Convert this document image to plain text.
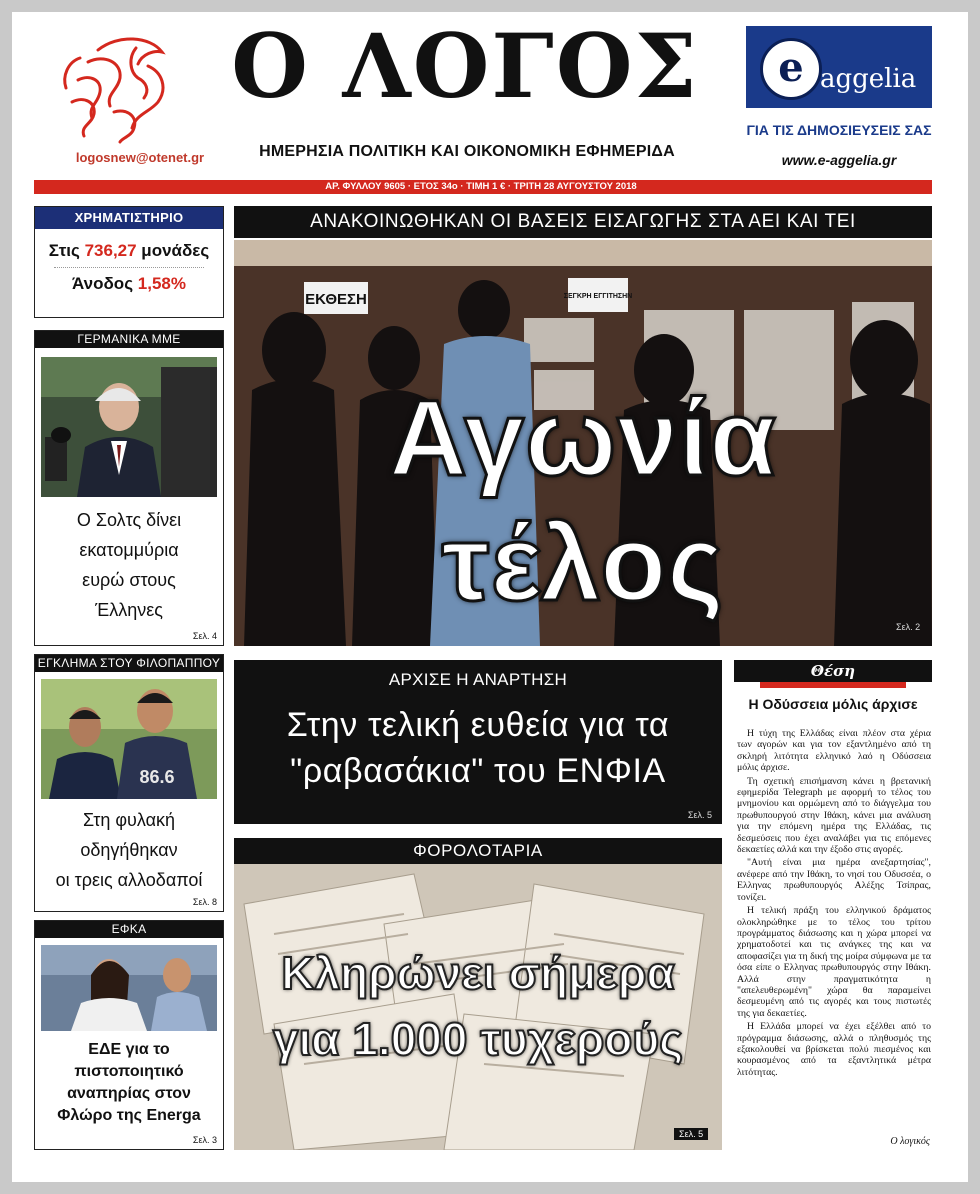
logosnew@otenet.gr
Ο ΛΟΓΟΣ
ΗΜΕΡΗΣΙΑ ΠΟΛΙΤΙΚΗ ΚΑΙ ΟΙΚΟΝΟΜΙΚΗ ΕΦΗΜΕΡΙΔΑ
e aggelia
ΓΙΑ ΤΙΣ ΔΗΜΟΣΙΕΥΣΕΙΣ ΣΑΣ
www.e-aggelia.gr
ΑΡ. ΦΥΛΛΟΥ 9605 · ΕΤΟΣ 34ο · ΤΙΜΗ 1 € · ΤΡΙΤΗ 28 ΑΥΓΟΥΣΤΟΥ 2018
ΧΡΗΜΑΤΙΣΤΗΡΙΟ
Στις 736,27 μονάδες
Άνοδος 1,58%
ΓΕΡΜΑΝΙΚΑ ΜΜΕ
Ο Σολτς δίνει
εκατομμύρια
ευρώ στους
Έλληνες
Σελ. 4
ΕΓΚΛΗΜΑ ΣΤΟΥ ΦΙΛΟΠΑΠΠΟΥ
86.6
Στη φυλακή
οδηγήθηκαν
οι τρεις αλλοδαποί
Σελ. 8
ΕΦΚΑ
ΕΔΕ για το
πιστοποιητικό
αναπηρίας στον
Φλώρο της Energa
Σελ. 3
ΑΝΑΚΟΙΝΩΘΗΚΑΝ ΟΙ ΒΑΣΕΙΣ ΕΙΣΑΓΩΓΗΣ ΣΤΑ ΑΕΙ ΚΑΙ ΤΕΙ
ΕΚΘΕΣΗ	ΣΕΓΚΡΗ ΕΓΓΙΤΗΣΗΝ
Αγωνία τέλος
Σελ. 2
ΑΡΧΙΣΕ Η ΑΝΑΡΤΗΣΗ
Στην τελική ευθεία για τα
"ραβασάκια" του ΕΝΦΙΑ
Σελ. 5
ΦΟΡΟΛΟΤΑΡΙΑ
Κληρώνει σήμερα
για 1.000 τυχερούς
Σελ. 5
Θέση
Η Οδύσσεια μόλις άρχισε

Η τύχη της Ελλάδας είναι πλέον στα χέρια των αγορών και για τον εξαντλημένο από τη σκληρή λιτότητα ελληνικό λαό η Οδύσσεια μόλις άρχισε.

Τη σχετική επισήμανση κάνει η βρετανική εφημερίδα Telegraph με αφορμή το τέλος του μνημονίου και ορμώμενη από το διάγγελμα του πρωθυπουργού στην Ιθάκη, κάνει μια ανάλυση για την επόμενη ημέρα της Ελλάδας, τις δεσμεύσεις που έχει αναλάβει για τις επόμενες δεκαετίες αλλά και την έξοδο στις αγορές.

"Αυτή είναι μια ημέρα ανεξαρτησίας", ανέφερε από την Ιθάκη, το νησί του Οδυσσέα, ο Ελληνας πρωθυπουργός Αλέξης Τσίπρας, τονίζει.

Η τελική πράξη του ελληνικού δράματος ολοκληρώθηκε με το τέλος του τρίτου προγράμματος διάσωσης και η χώρα μπορεί να χρηματοδοτεί και τις ανάγκες της και να αποφασίζει για τη δική της μοίρα σύμφωνα με τα όσα είπε ο Ελληνας πρωθυπουργός στην Ιθάκη. Αλλά στην πραγματικότητα η "απελευθερωμένη" χώρα θα παραμείνει δεσμευμένη από τις αγορές και τους πιστωτές της για δεκαετίες.

Η Ελλάδα μπορεί να έχει εξέλθει από το πρόγραμμα διάσωσης, αλλά ο πληθυσμός της εξακολουθεί να βρίσκεται πολύ πιεσμένος και κουρασμένος από τα εξαντλητικά μέτρα λιτότητας.

Ο λογικός
